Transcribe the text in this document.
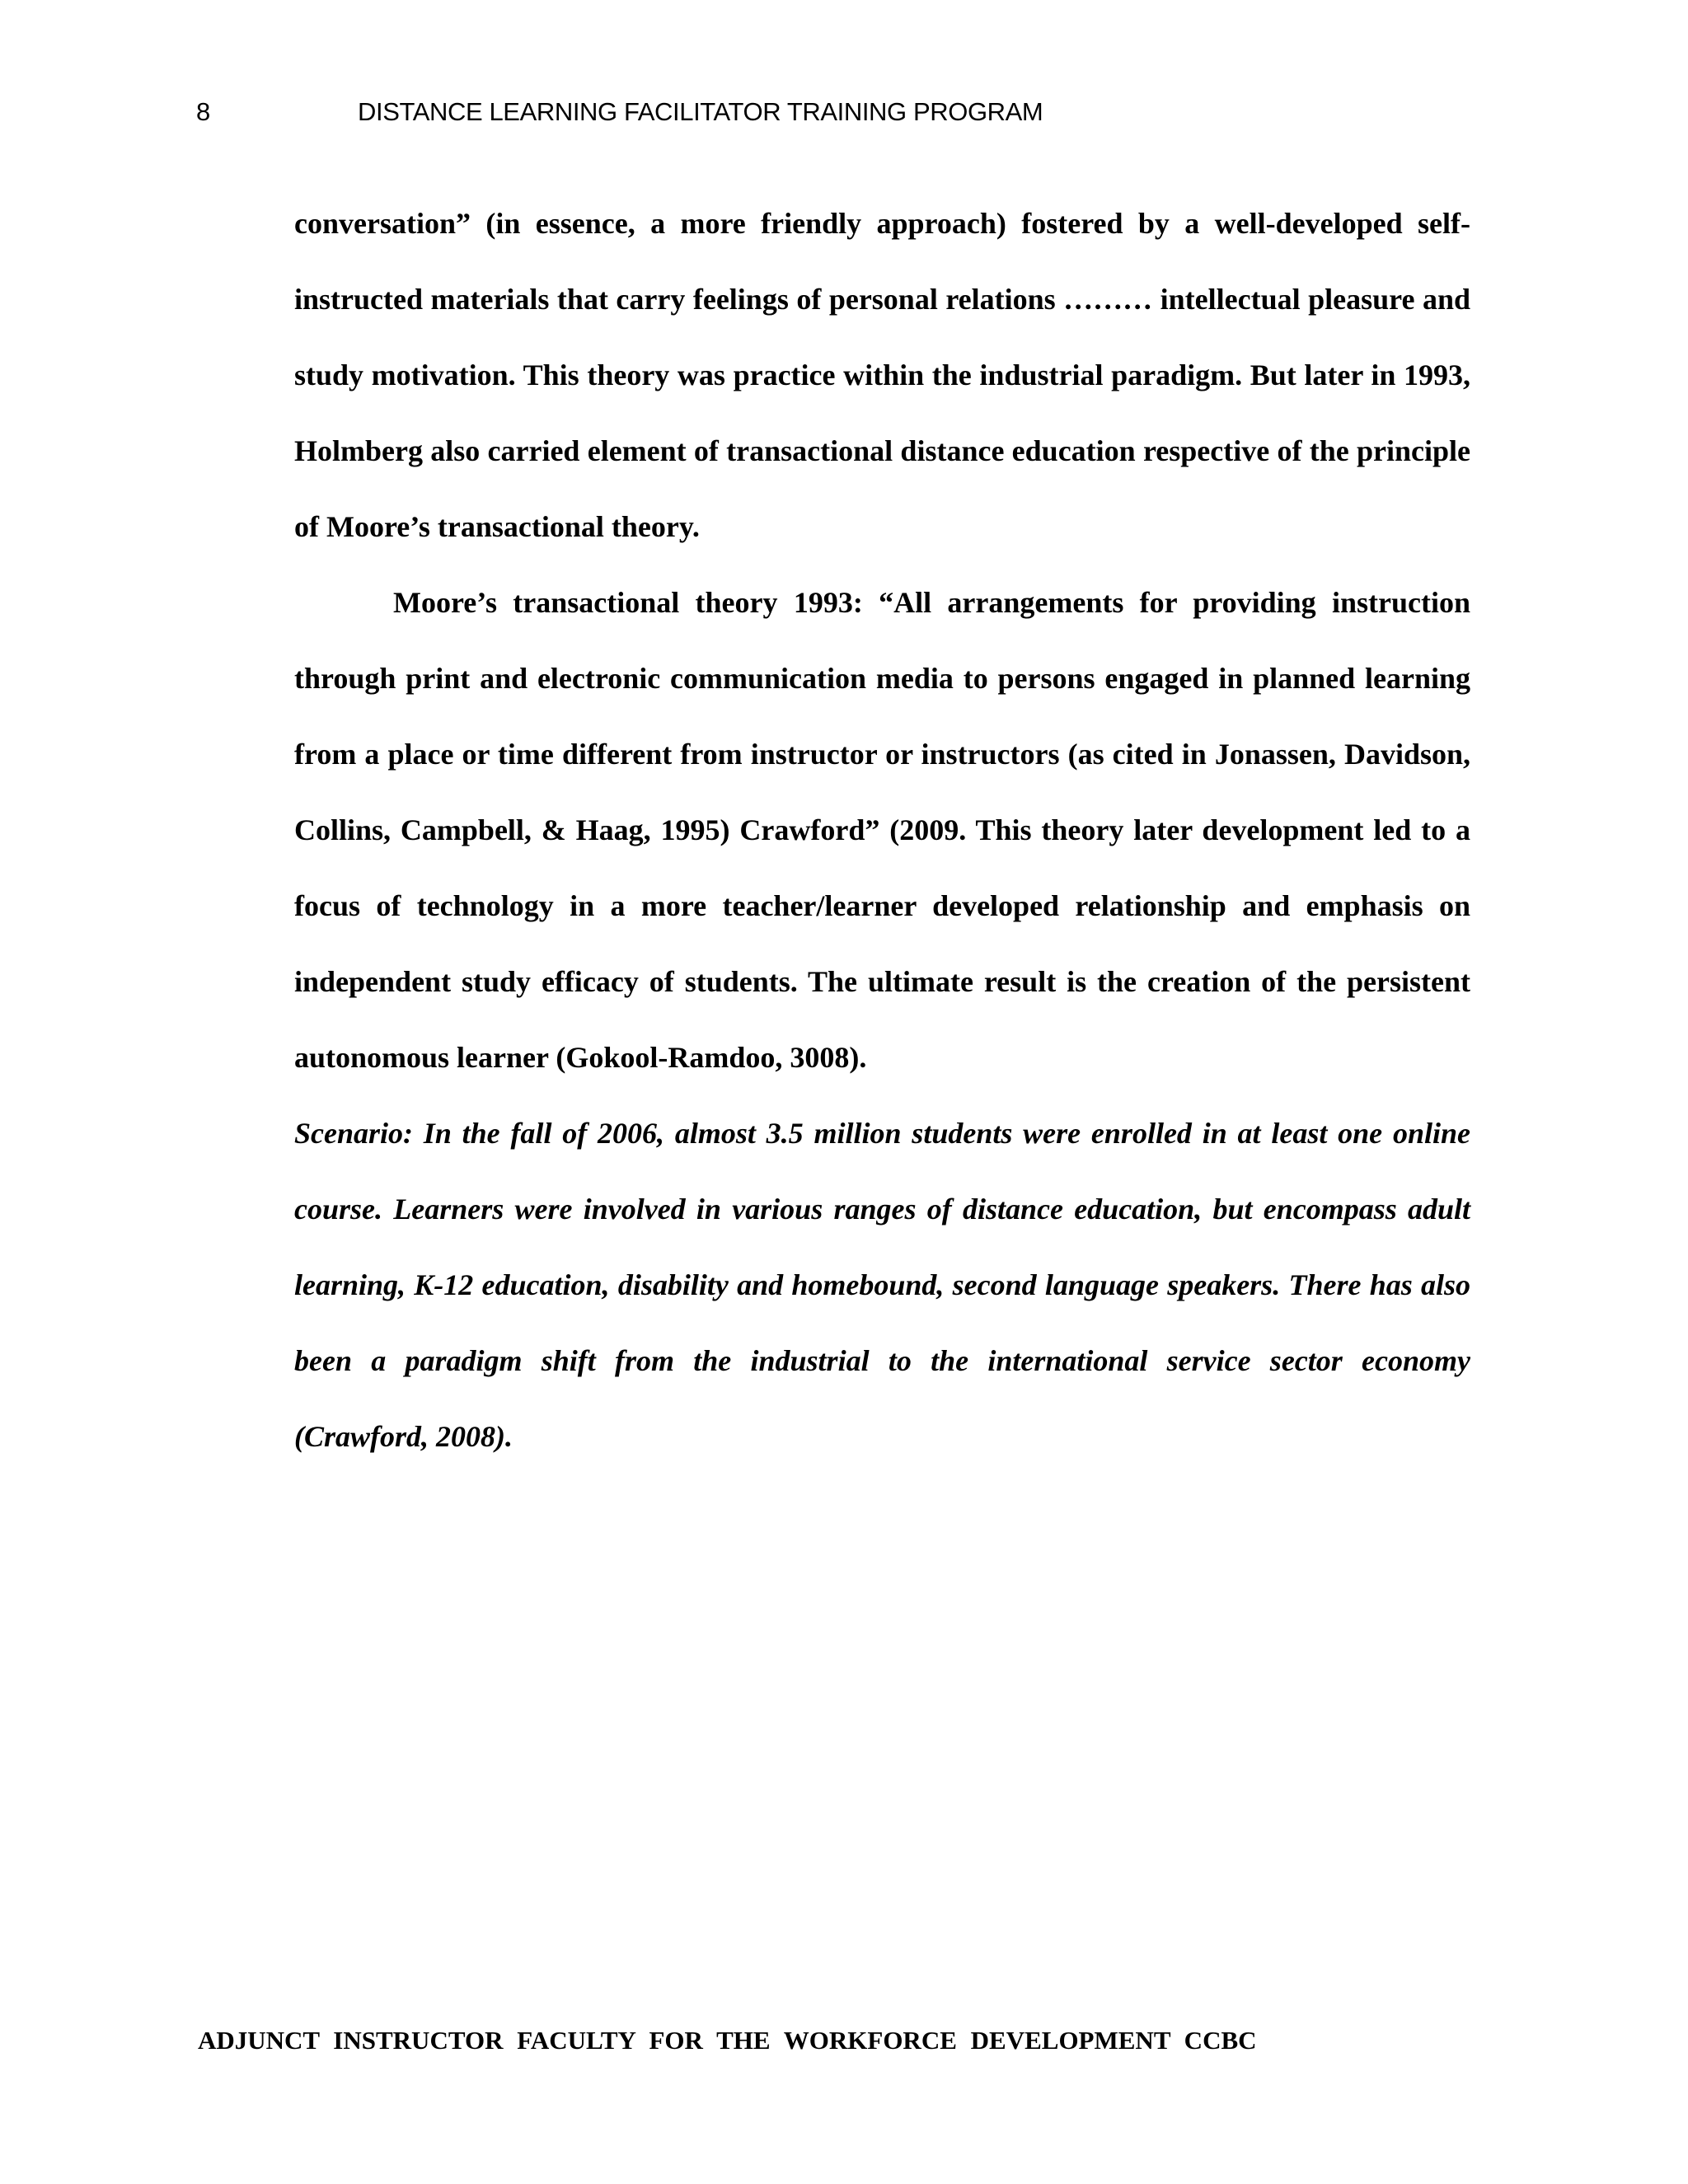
8	DISTANCE LEARNING FACILITATOR TRAINING PROGRAM

conversation” (in essence, a more friendly approach) fostered by a well-developed self-instructed materials that carry feelings of personal relations ……… intellectual pleasure and study motivation. This theory was practice within the industrial paradigm. But later in 1993, Holmberg also carried element of transactional distance education respective of the principle of Moore’s transactional theory.

Moore’s transactional theory 1993: “All arrangements for providing instruction through print and electronic communication media to persons engaged in planned learning from a place or time different from instructor or instructors (as cited in Jonassen, Davidson, Collins, Campbell, & Haag, 1995) Crawford” (2009. This theory later development led to a focus of technology in a more teacher/learner developed relationship and emphasis on independent study efficacy of students. The ultimate result is the creation of the persistent autonomous learner (Gokool-Ramdoo, 3008).

Scenario: In the fall of 2006, almost 3.5 million students were enrolled in at least one online course. Learners were involved in various ranges of distance education, but encompass adult learning, K-12 education, disability and homebound, second language speakers. There has also been a paradigm shift from the industrial to the international service sector economy (Crawford, 2008).

ADJUNCT INSTRUCTOR FACULTY FOR THE WORKFORCE DEVELOPMENT CCBC
